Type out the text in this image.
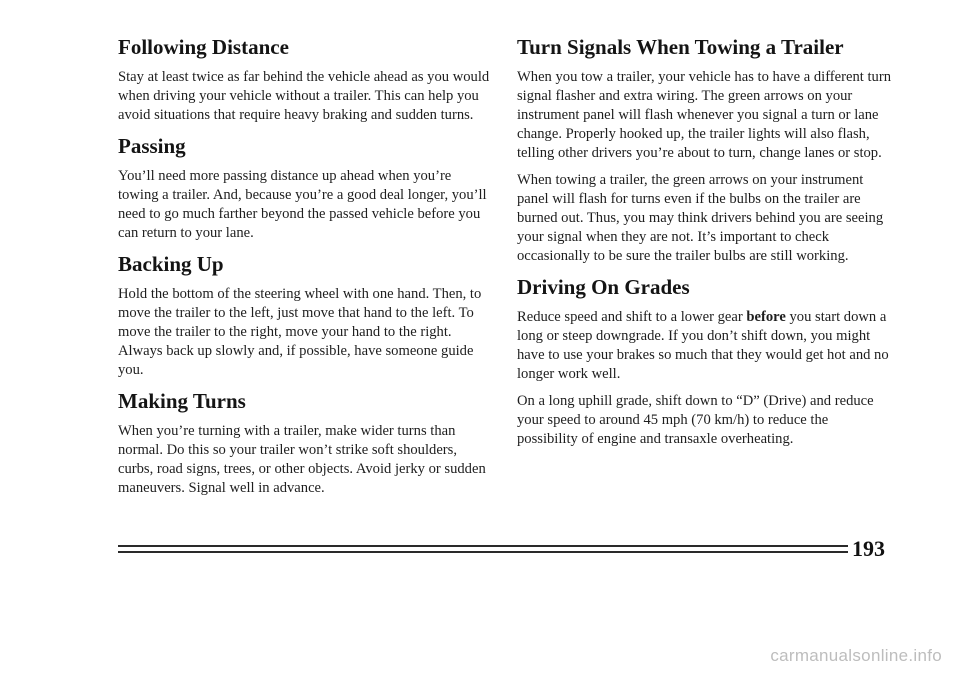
Following Distance

Stay at least twice as far behind the vehicle ahead as you would when driving your vehicle without a trailer. This can help you avoid situations that require heavy braking and sudden turns.

Passing

You’ll need more passing distance up ahead when you’re towing a trailer. And, because you’re a good deal longer, you’ll need to go much farther beyond the passed vehicle before you can return to your lane.

Backing Up

Hold the bottom of the steering wheel with one hand. Then, to move the trailer to the left, just move that hand to the left. To move the trailer to the right, move your hand to the right. Always back up slowly and, if possible, have someone guide you.

Making Turns

When you’re turning with a trailer, make wider turns than normal. Do this so your trailer won’t strike soft shoulders, curbs, road signs, trees, or other objects. Avoid jerky or sudden maneuvers. Signal well in advance.

Turn Signals When Towing a Trailer

When you tow a trailer, your vehicle has to have a different turn signal flasher and extra wiring. The green arrows on your instrument panel will flash whenever you signal a turn or lane change. Properly hooked up, the trailer lights will also flash, telling other drivers you’re about to turn, change lanes or stop.

When towing a trailer, the green arrows on your instrument panel will flash for turns even if the bulbs on the trailer are burned out. Thus, you may think drivers behind you are seeing your signal when they are not. It’s important to check occasionally to be sure the trailer bulbs are still working.

Driving On Grades

Reduce speed and shift to a lower gear before you start down a long or steep downgrade. If you don’t shift down, you might have to use your brakes so much that they would get hot and no longer work well.

On a long uphill grade, shift down to “D” (Drive) and reduce your speed to around 45 mph (70 km/h) to reduce the possibility of engine and transaxle overheating.

193
carmanualsonline.info
